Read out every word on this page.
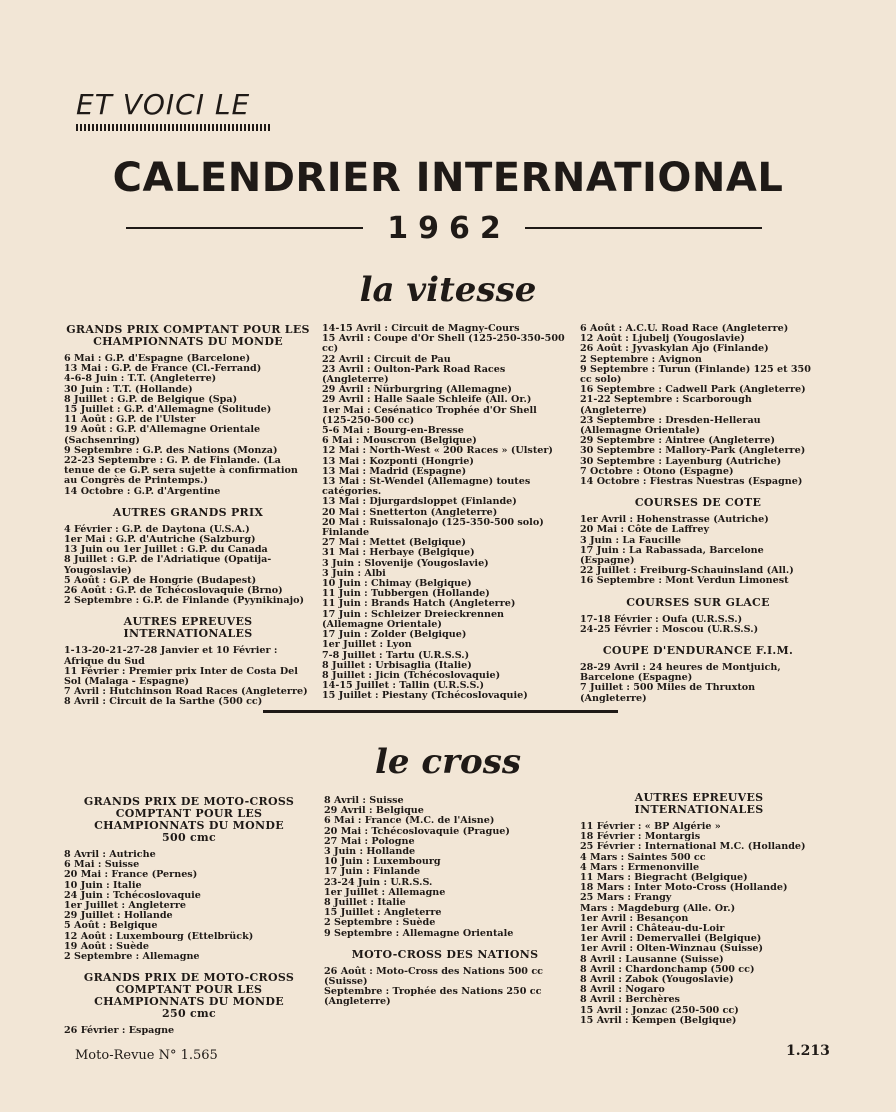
ET VOICI LE
CALENDRIER INTERNATIONAL
1962
la vitesse

GRANDS PRIX COMPTANT POUR LES CHAMPIONNATS DU MONDE

6 Mai : G.P. d'Espagne (Barcelone)

13 Mai : G.P. de France (Cl.-Ferrand)

4-6-8 Juin : T.T. (Angleterre)

30 Juin : T.T. (Hollande)

8 Juillet : G.P. de Belgique (Spa)

15 Juillet : G.P. d'Allemagne (Solitude)

11 Août : G.P. de l'Ulster

19 Août : G.P. d'Allemagne Orientale (Sachsenring)

9 Septembre : G.P. des Nations (Monza)

22-23 Septembre : G. P. de Finlande. (La tenue de ce G.P. sera sujette à confirmation au Congrès de Printemps.)

14 Octobre : G.P. d'Argentine

AUTRES GRANDS PRIX

4 Février : G.P. de Daytona (U.S.A.)

1er Mai : G.P. d'Autriche (Salzburg)

13 Juin ou 1er Juillet : G.P. du Canada

8 Juillet : G.P. de l'Adriatique (Opatija-Yougoslavie)

5 Août : G.P. de Hongrie (Budapest)

26 Août : G.P. de Tchécoslovaquie (Brno)

2 Septembre : G.P. de Finlande (Pyynikinajo)

AUTRES EPREUVES INTERNATIONALES

1-13-20-21-27-28 Janvier et 10 Février : Afrique du Sud

11 Février : Premier prix Inter de Costa Del Sol (Malaga - Espagne)

7 Avril : Hutchinson Road Races (Angleterre)

8 Avril : Circuit de la Sarthe (500 cc)

14-15 Avril : Circuit de Magny-Cours

15 Avril : Coupe d'Or Shell (125-250-350-500 cc)

22 Avril : Circuit de Pau

23 Avril : Oulton-Park Road Races (Angleterre)

29 Avril : Nürburgring (Allemagne)

29 Avril : Halle Saale Schleife (All. Or.)

1er Mai : Cesénatico Trophée d'Or Shell (125-250-500 cc)

5-6 Mai : Bourg-en-Bresse

6 Mai : Mouscron (Belgique)

12 Mai : North-West « 200 Races » (Ulster)

13 Mai : Kozponti (Hongrie)

13 Mai : Madrid (Espagne)

13 Mai : St-Wendel (Allemagne) toutes catégories.

13 Mai : Djurgardsloppet (Finlande)

20 Mai : Snetterton (Angleterre)

20 Mai : Ruissalonajo (125-350-500 solo) Finlande

27 Mai : Mettet (Belgique)

31 Mai : Herbaye (Belgique)

3 Juin : Slovenije (Yougoslavie)

3 Juin : Albi

10 Juin : Chimay (Belgique)

11 Juin : Tubbergen (Hollande)

11 Juin : Brands Hatch (Angleterre)

17 Juin : Schleizer Dreieckrennen (Allemagne Orientale)

17 Juin : Zolder (Belgique)

1er Juillet : Lyon

7-8 Juillet : Tartu (U.R.S.S.)

8 Juillet : Urbisaglia (Italie)

8 Juillet : Jicin (Tchécoslovaquie)

14-15 Juillet : Tallin (U.R.S.S.)

15 Juillet : Piestany (Tchécoslovaquie)

6 Août : A.C.U. Road Race (Angleterre)

12 Août : Ljubelj (Yougoslavie)

26 Août : Jyvaskylan Ajo (Finlande)

2 Septembre : Avignon

9 Septembre : Turun (Finlande) 125 et 350 cc solo)

16 Septembre : Cadwell Park (Angleterre)

21-22 Septembre : Scarborough (Angleterre)

23 Septembre : Dresden-Hellerau (Allemagne Orientale)

29 Septembre : Aintree (Angleterre)

30 Septembre : Mallory-Park (Angleterre)

30 Septembre : Layenburg (Autriche)

7 Octobre : Otono (Espagne)

14 Octobre : Fiestras Nuestras (Espagne)

COURSES DE COTE

1er Avril : Hohenstrasse (Autriche)

20 Mai : Côte de Laffrey

3 Juin : La Faucille

17 Juin : La Rabassada, Barcelone (Espagne)

22 Juillet : Freiburg-Schauinsland (All.)

16 Septembre : Mont Verdun Limonest

COURSES SUR GLACE

17-18 Février : Oufa (U.R.S.S.)

24-25 Février : Moscou (U.R.S.S.)

COUPE D'ENDURANCE F.I.M.

28-29 Avril : 24 heures de Montjuich, Barcelone (Espagne)

7 Juillet : 500 Miles de Thruxton (Angleterre)

le cross

GRANDS PRIX DE MOTO-CROSS COMPTANT POUR LES CHAMPIONNATS DU MONDE

500 cmc

8 Avril : Autriche

6 Mai : Suisse

20 Mai : France (Pernes)

10 Juin : Italie

24 Juin : Tchécoslovaquie

1er Juillet : Angleterre

29 Juillet : Hollande

5 Août : Belgique

12 Août : Luxembourg (Ettelbrück)

19 Août : Suède

2 Septembre : Allemagne

GRANDS PRIX DE MOTO-CROSS COMPTANT POUR LES CHAMPIONNATS DU MONDE

250 cmc

26 Février : Espagne

8 Avril : Suisse

29 Avril : Belgique

6 Mai : France (M.C. de l'Aisne)

20 Mai : Tchécoslovaquie (Prague)

27 Mai : Pologne

3 Juin : Hollande

10 Juin : Luxembourg

17 Juin : Finlande

23-24 Juin : U.R.S.S.

1er Juillet : Allemagne

8 Juillet : Italie

15 Juillet : Angleterre

2 Septembre : Suède

9 Septembre : Allemagne Orientale

MOTO-CROSS DES NATIONS

26 Août : Moto-Cross des Nations 500 cc (Suisse)

Septembre : Trophée des Nations 250 cc (Angleterre)

AUTRES EPREUVES INTERNATIONALES

11 Février : « BP Algérie »

18 Février : Montargis

25 Février : International M.C. (Hollande)

4 Mars : Saintes 500 cc

4 Mars : Ermenonville

11 Mars : Biegracht (Belgique)

18 Mars : Inter Moto-Cross (Hollande)

25 Mars : Frangy

Mars : Magdeburg (Alle. Or.)

1er Avril : Besançon

1er Avril : Château-du-Loir

1er Avril : Demervallei (Belgique)

1er Avril : Olten-Winznau (Suisse)

8 Avril : Lausanne (Suisse)

8 Avril : Chardonchamp (500 cc)

8 Avril : Zabok (Yougoslavie)

8 Avril : Nogaro

8 Avril : Berchères

15 Avril : Jonzac (250-500 cc)

15 Avril : Kempen (Belgique)

Moto-Revue N° 1.565	1.213
